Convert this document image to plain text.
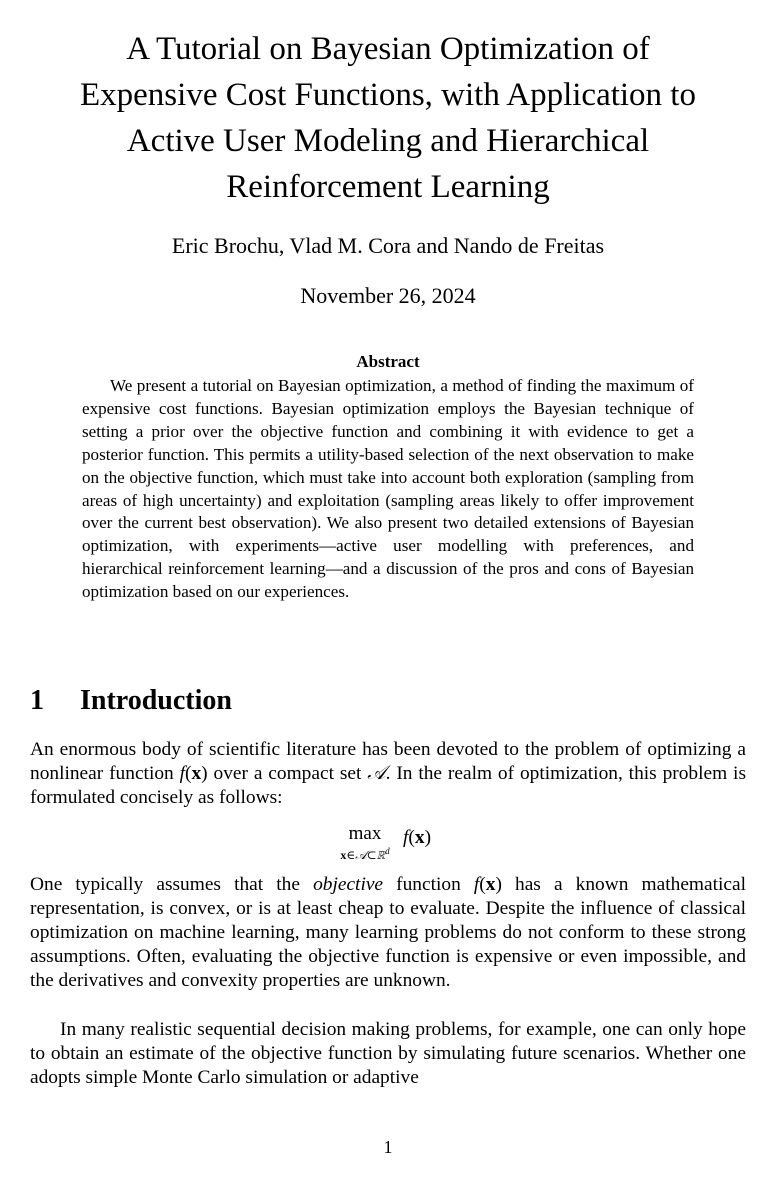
A Tutorial on Bayesian Optimization of
Expensive Cost Functions, with Application to
Active User Modeling and Hierarchical
Reinforcement Learning
Eric Brochu, Vlad M. Cora and Nando de Freitas
November 26, 2024
Abstract

We present a tutorial on Bayesian optimization, a method of finding the maximum of expensive cost functions. Bayesian optimization employs the Bayesian technique of setting a prior over the objective function and combining it with evidence to get a posterior function. This permits a utility-based selection of the next observation to make on the objective function, which must take into account both exploration (sampling from areas of high uncertainty) and exploitation (sampling areas likely to offer improvement over the current best observation). We also present two detailed extensions of Bayesian optimization, with experiments—active user modelling with preferences, and hierarchical reinforcement learning—and a discussion of the pros and cons of Bayesian optimization based on our experiences.

1 Introduction

An enormous body of scientific literature has been devoted to the problem of optimizing a nonlinear function f(x) over a compact set 𝒜. In the realm of optimization, this problem is formulated concisely as follows:

max
x∈𝒜⊂ℝ$^d$
f(x)

One typically assumes that the objective function f(x) has a known mathematical representation, is convex, or is at least cheap to evaluate. Despite the influence of classical optimization on machine learning, many learning problems do not conform to these strong assumptions. Often, evaluating the objective function is expensive or even impossible, and the derivatives and convexity properties are unknown.

In many realistic sequential decision making problems, for example, one can only hope to obtain an estimate of the objective function by simulating future scenarios. Whether one adopts simple Monte Carlo simulation or adaptive

1
